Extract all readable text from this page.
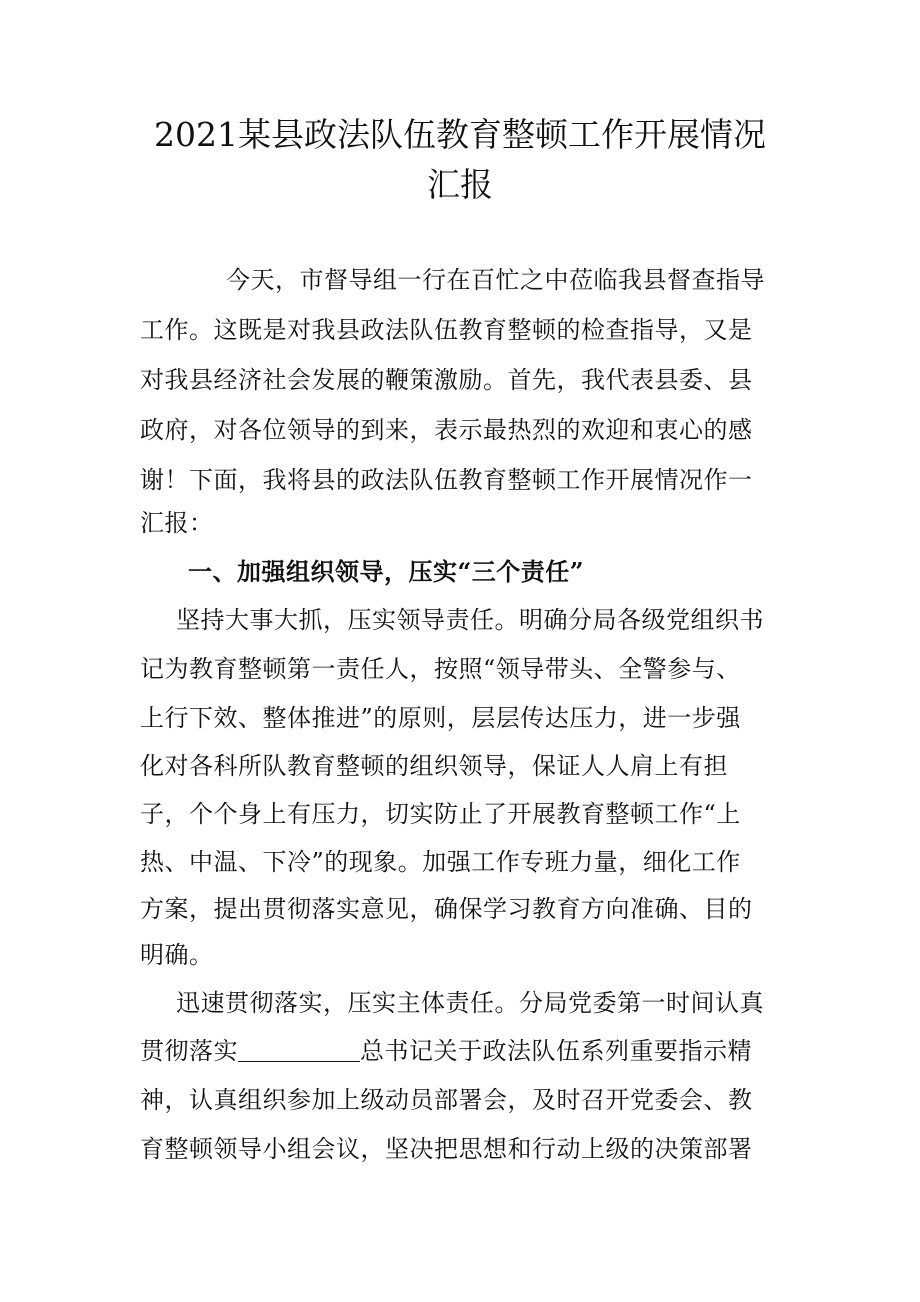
2021某县政法队伍教育整顿工作开展情况
汇报
今天，市督导组一行在百忙之中莅临我县督查指导
工作。这既是对我县政法队伍教育整顿的检查指导，又是
对我县经济社会发展的鞭策激励。首先，我代表县委、县
政府，对各位领导的到来，表示最热烈的欢迎和衷心的感
谢！下面，我将县的政法队伍教育整顿工作开展情况作一
汇报：
一、加强组织领导，压实“三个责任”
坚持大事大抓，压实领导责任。明确分局各级党组织书
记为教育整顿第一责任人，按照“领导带头、全警参与、
上行下效、整体推进”的原则，层层传达压力，进一步强
化对各科所队教育整顿的组织领导，保证人人肩上有担
子，个个身上有压力，切实防止了开展教育整顿工作“上
热、中温、下冷”的现象。加强工作专班力量，细化工作
方案，提出贯彻落实意见，确保学习教育方向准确、目的
明确。
迅速贯彻落实，压实主体责任。分局党委第一时间认真
贯彻落实	总书记关于政法队伍系列重要指示精
神，认真组织参加上级动员部署会，及时召开党委会、教
育整顿领导小组会议，坚决把思想和行动上级的决策部署
